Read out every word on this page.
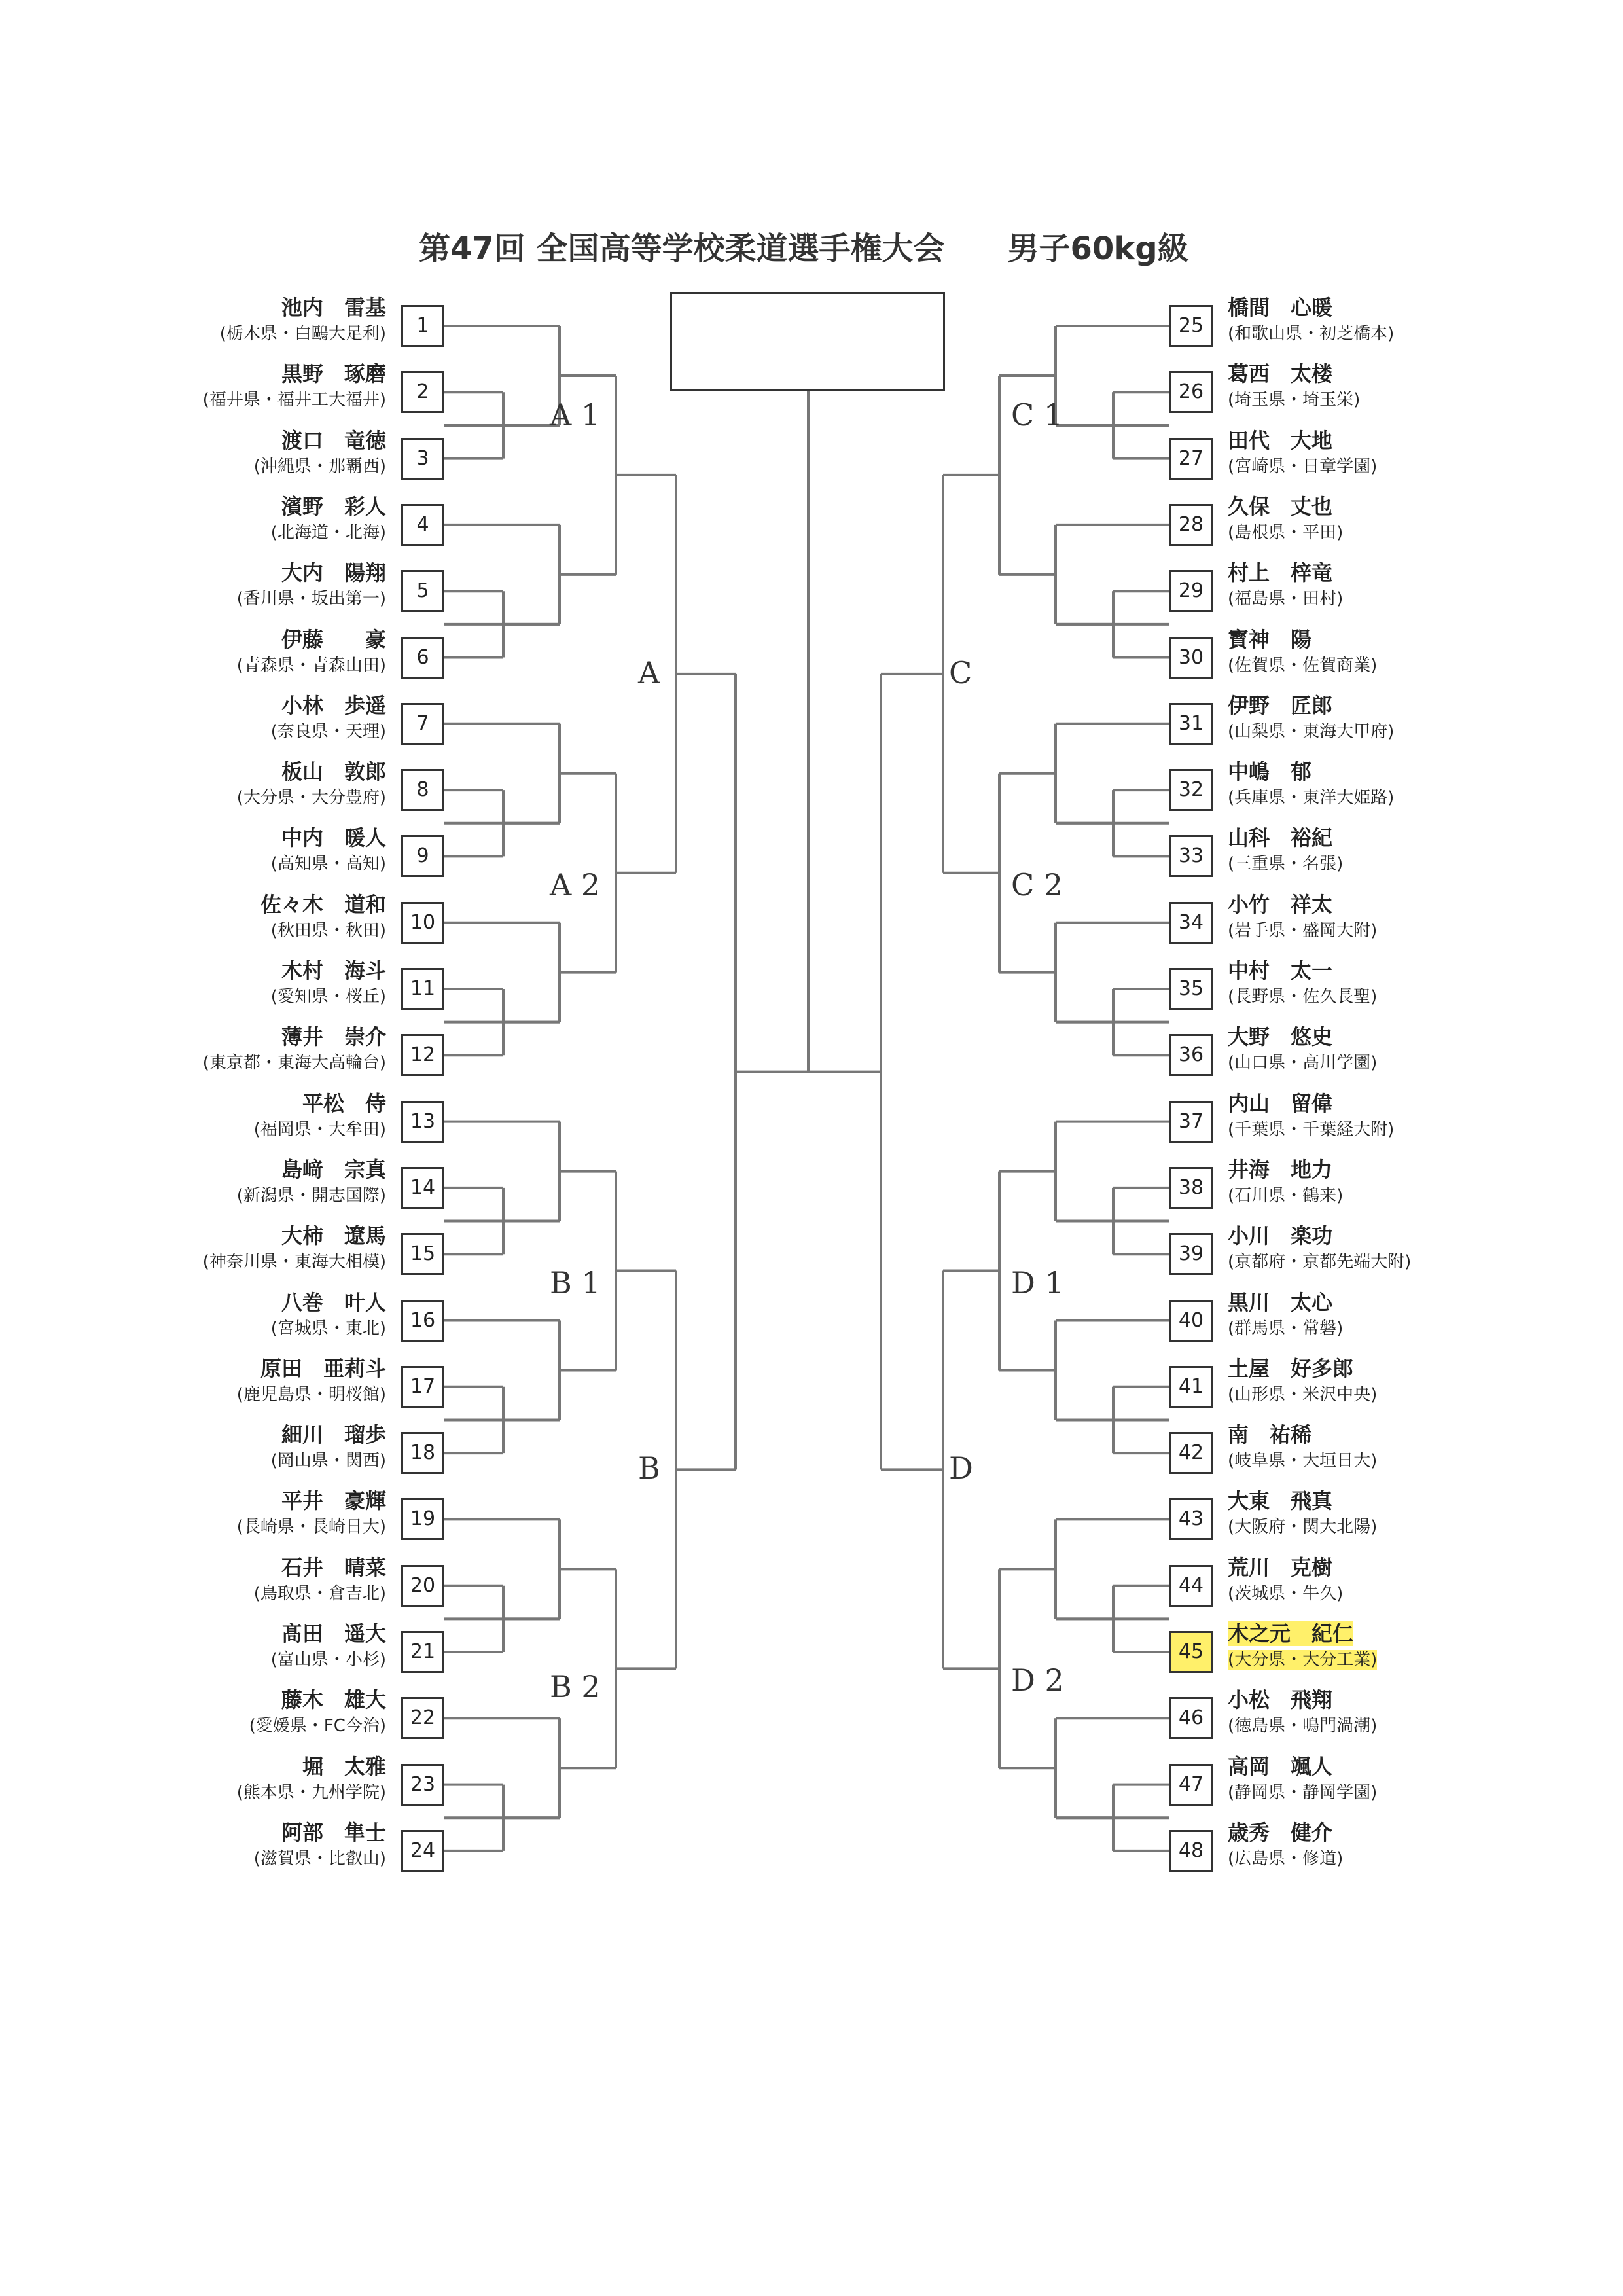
第47回 全国高等学校柔道選手権大会 男子60kg級
1
池内　雷基
(栃木県・白鷗大足利)
2
黒野　琢磨
(福井県・福井工大福井)
3
渡口　竜徳
(沖縄県・那覇西)
4
濱野　彩人
(北海道・北海)
5
大内　陽翔
(香川県・坂出第一)
6
伊藤　　豪
(青森県・青森山田)
7
小林　歩遥
(奈良県・天理)
8
板山　敦郎
(大分県・大分豊府)
9
中内　暖人
(高知県・高知)
10
佐々木　道和
(秋田県・秋田)
11
木村　海斗
(愛知県・桜丘)
12
薄井　崇介
(東京都・東海大高輪台)
13
平松　侍
(福岡県・大牟田)
14
島﨑　宗真
(新潟県・開志国際)
15
大柿　遼馬
(神奈川県・東海大相模)
16
八巻　叶人
(宮城県・東北)
17
原田　亜莉斗
(鹿児島県・明桜館)
18
細川　瑠歩
(岡山県・関西)
19
平井　豪輝
(長崎県・長崎日大)
20
石井　晴菜
(鳥取県・倉吉北)
21
髙田　遥大
(富山県・小杉)
22
藤木　雄大
(愛媛県・FC今治)
23
堀　太雅
(熊本県・九州学院)
24
阿部　隼士
(滋賀県・比叡山)
25
橋間　心暖
(和歌山県・初芝橋本)
26
葛西　太楼
(埼玉県・埼玉栄)
27
田代　大地
(宮崎県・日章学園)
28
久保　丈也
(島根県・平田)
29
村上　梓竜
(福島県・田村)
30
寳神　陽
(佐賀県・佐賀商業)
31
伊野　匠郎
(山梨県・東海大甲府)
32
中嶋　郁
(兵庫県・東洋大姫路)
33
山科　裕紀
(三重県・名張)
34
小竹　祥太
(岩手県・盛岡大附)
35
中村　太一
(長野県・佐久長聖)
36
大野　悠史
(山口県・高川学園)
37
内山　留偉
(千葉県・千葉経大附)
38
井海　地力
(石川県・鶴来)
39
小川　楽功
(京都府・京都先端大附)
40
黒川　太心
(群馬県・常磐)
41
土屋　好多郎
(山形県・米沢中央)
42
南　祐稀
(岐阜県・大垣日大)
43
大東　飛真
(大阪府・関大北陽)
44
荒川　克樹
(茨城県・牛久)
45
木之元　紀仁
(大分県・大分工業)
46
小松　飛翔
(徳島県・鳴門渦潮)
47
高岡　颯人
(静岡県・静岡学園)
48
歳秀　健介
(広島県・修道)
A 1
A 2
A
B 1
B 2
B
C 1
C 2
C
D 1
D 2
D
